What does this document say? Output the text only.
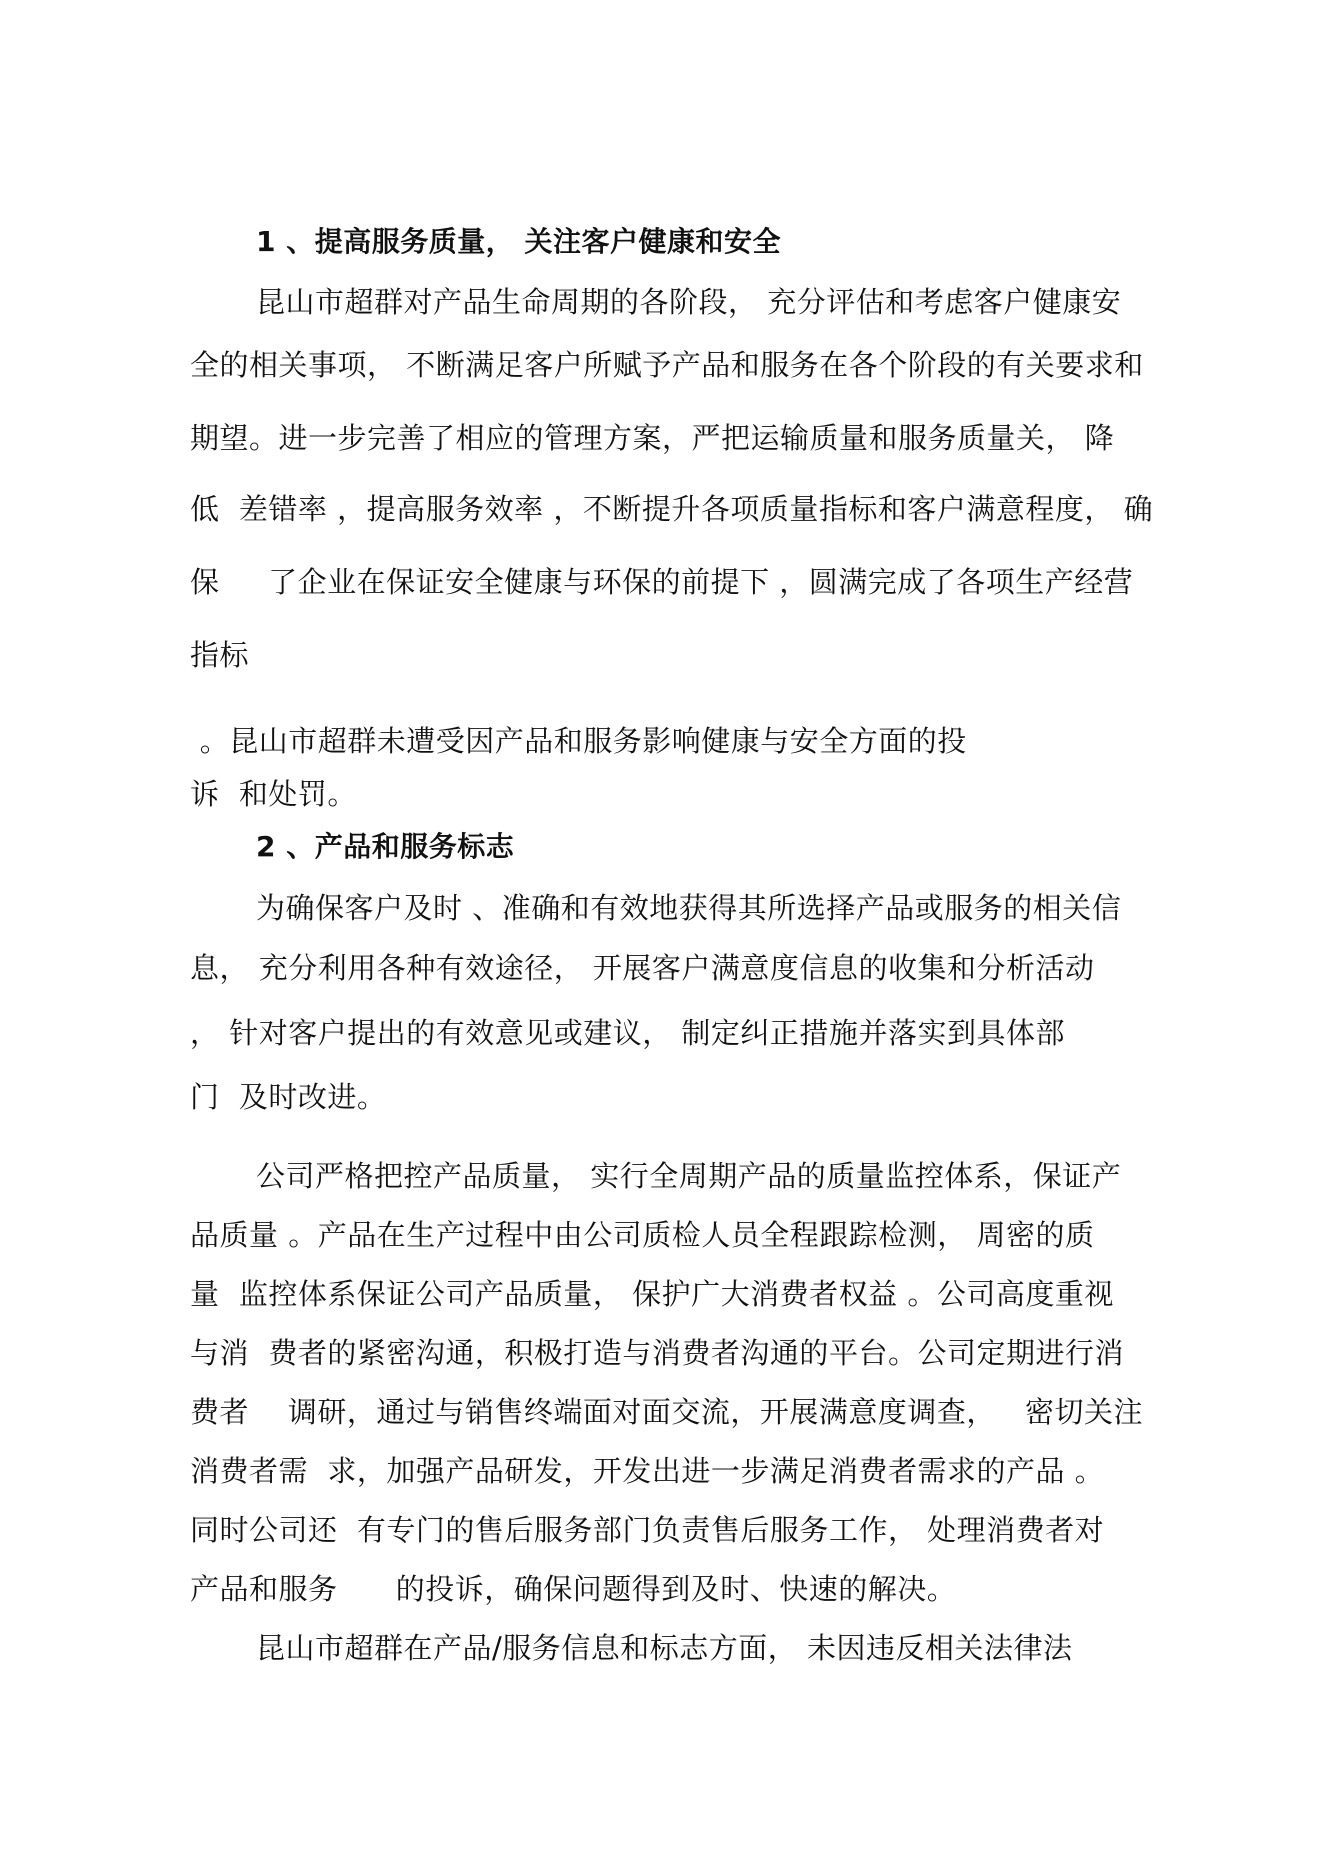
1 、提高服务质量， 关注客户健康和安全
昆山市超群对产品生命周期的各阶段， 充分评估和考虑客户健康安
全的相关事项， 不断满足客户所赋予产品和服务在各个阶段的有关要求和
期望。进一步完善了相应的管理方案，严把运输质量和服务质量关， 降
低  差错率 ，提高服务效率 ，不断提升各项质量指标和客户满意程度， 确
保     了企业在保证安全健康与环保的前提下 ，圆满完成了各项生产经营
指标
。昆山市超群未遭受因产品和服务影响健康与安全方面的投
诉  和处罚。
2 、产品和服务标志
为确保客户及时 、准确和有效地获得其所选择产品或服务的相关信
息， 充分利用各种有效途径， 开展客户满意度信息的收集和分析活动
， 针对客户提出的有效意见或建议， 制定纠正措施并落实到具体部
门  及时改进。
公司严格把控产品质量， 实行全周期产品的质量监控体系，保证产
品质量 。产品在生产过程中由公司质检人员全程跟踪检测， 周密的质
量  监控体系保证公司产品质量， 保护广大消费者权益 。公司高度重视
与消  费者的紧密沟通，积极打造与消费者沟通的平台。公司定期进行消
费者    调研，通过与销售终端面对面交流，开展满意度调查，   密切关注
消费者需  求，加强产品研发，开发出进一步满足消费者需求的产品 。
同时公司还  有专门的售后服务部门负责售后服务工作， 处理消费者对
产品和服务      的投诉，确保问题得到及时、快速的解决。
昆山市超群在产品/服务信息和标志方面， 未因违反相关法律法
